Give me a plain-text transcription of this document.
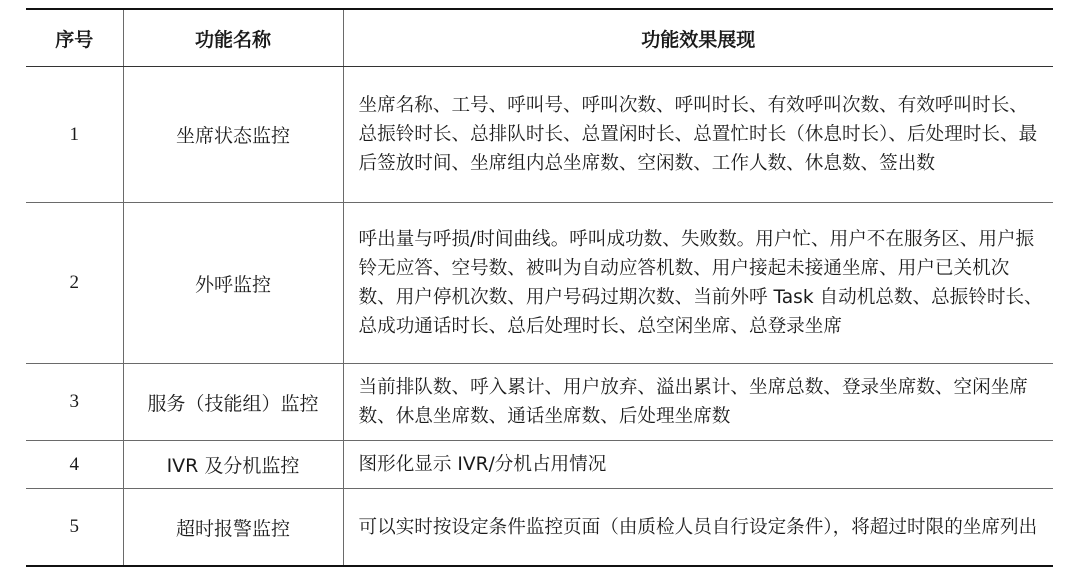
序号	功能名称	功能效果展现
1	坐席状态监控	坐席名称、工号、呼叫号、呼叫次数、呼叫时长、有效呼叫次数、有效呼叫时长、总振铃时长、总排队时长、总置闲时长、总置忙时长（休息时长）、后处理时长、最后签放时间、坐席组内总坐席数、空闲数、工作人数、休息数、签出数
2	外呼监控	呼出量与呼损/时间曲线。呼叫成功数、失败数。用户忙、用户不在服务区、用户振铃无应答、空号数、被叫为自动应答机数、用户接起未接通坐席、用户已关机次数、用户停机次数、用户号码过期次数、当前外呼 Task 自动机总数、总振铃时长、总成功通话时长、总后处理时长、总空闲坐席、总登录坐席
3	服务（技能组）监控	当前排队数、呼入累计、用户放弃、溢出累计、坐席总数、登录坐席数、空闲坐席数、休息坐席数、通话坐席数、后处理坐席数
4	IVR 及分机监控	图形化显示 IVR/分机占用情况
5	超时报警监控	可以实时按设定条件监控页面（由质检人员自行设定条件），将超过时限的坐席列出
